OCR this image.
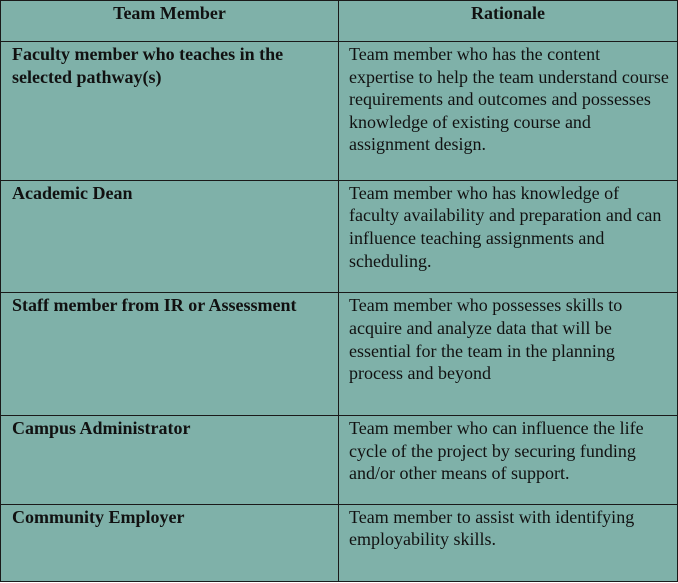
Team Member	Rationale
Faculty member who teaches in the selected pathway(s)	Team member who has the content expertise to help the team understand course requirements and outcomes and possesses knowledge of existing course and assignment design.
Academic Dean	Team member who has knowledge of faculty availability and preparation and can influence teaching assignments and scheduling.
Staff member from IR or Assessment	Team member who possesses skills to acquire and analyze data that will be essential for the team in the planning process and beyond
Campus Administrator	Team member who can influence the life cycle of the project by securing funding and/or other means of support.
Community Employer	Team member to assist with identifying employability skills.
